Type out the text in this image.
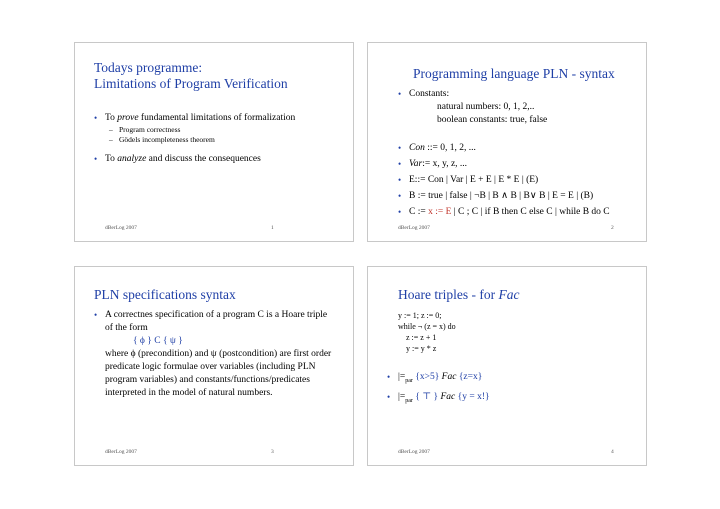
Todays programme:
Limitations of Program Verification
• To prove fundamental limitations of formalization
– Program correctness
– Gödels incompleteness theorem
• To analyze and discuss the consequences
dBerLog 2007	1
Programming language PLN - syntax
• Constants:
natural numbers: 0, 1, 2,..
boolean constants: true, false
• Con ::= 0, 1, 2, ...
• Var:= x, y, z, ...
• E::= Con | Var | E + E | E * E | (E)
• B := true | false | ¬B | B ∧ B | B∨ B | E = E | (B)
• C := x := E | C ; C | if B then C else C | while B do C
dBerLog 2007	2
PLN specifications syntax
• A correctnes specification of a program C is a Hoare triple
of the form
{ ϕ } C { ψ }
where ϕ (precondition) and ψ (postcondition) are first order
predicate logic formulae over variables (including PLN
program variables) and constants/functions/predicates
interpreted in the model of natural numbers.
dBerLog 2007	3
Hoare triples - for Fac
y := 1; z := 0;
while ¬ (z = x) do
z := z + 1
y := y * z
• $|=_{par}$ {x>5} Fac {z=x}
• $|=_{par}$ { ⊤ } Fac {y = x!}
dBerLog 2007	4
